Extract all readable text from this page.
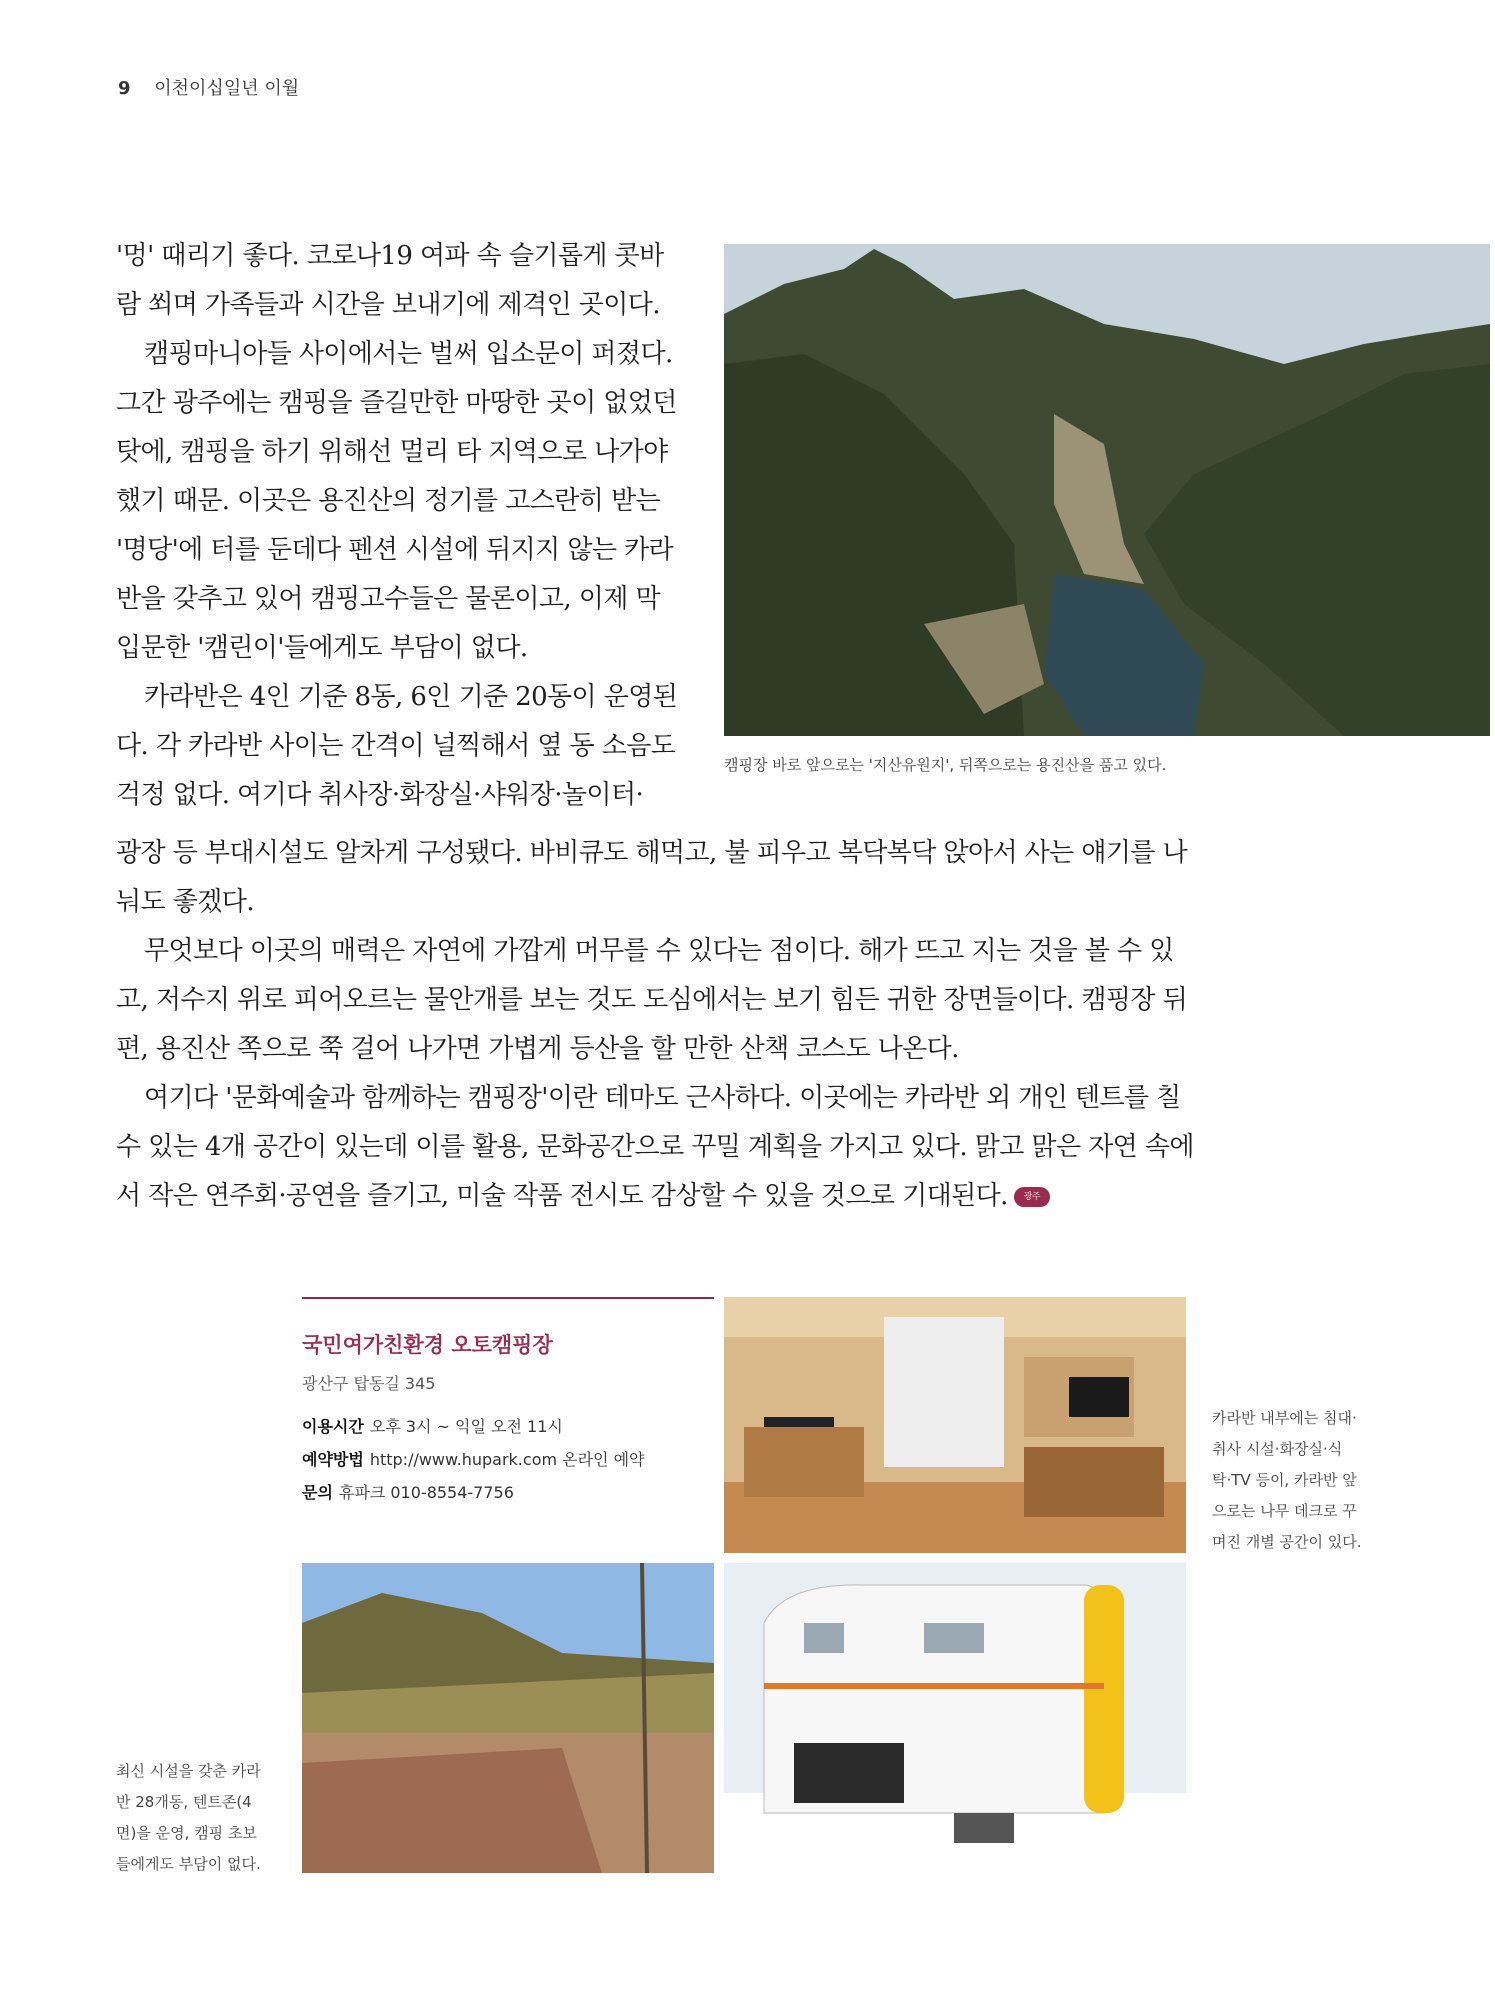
9 이천이십일년 이월

'멍' 때리기 좋다. 코로나19 여파 속 슬기롭게 콧바
람 쐬며 가족들과 시간을 보내기에 제격인 곳이다.

캠핑마니아들 사이에서는 벌써 입소문이 퍼졌다.
그간 광주에는 캠핑을 즐길만한 마땅한 곳이 없었던
탓에, 캠핑을 하기 위해선 멀리 타 지역으로 나가야
했기 때문. 이곳은 용진산의 정기를 고스란히 받는
'명당'에 터를 둔데다 펜션 시설에 뒤지지 않는 카라
반을 갖추고 있어 캠핑고수들은 물론이고, 이제 막
입문한 '캠린이'들에게도 부담이 없다.

카라반은 4인 기준 8동, 6인 기준 20동이 운영된
다. 각 카라반 사이는 간격이 널찍해서 옆 동 소음도
걱정 없다. 여기다 취사장·화장실·샤워장·놀이터·

광장 등 부대시설도 알차게 구성됐다. 바비큐도 해먹고, 불 피우고 복닥복닥 앉아서 사는 얘기를 나
눠도 좋겠다.

무엇보다 이곳의 매력은 자연에 가깝게 머무를 수 있다는 점이다. 해가 뜨고 지는 것을 볼 수 있
고, 저수지 위로 피어오르는 물안개를 보는 것도 도심에서는 보기 힘든 귀한 장면들이다. 캠핑장 뒤
편, 용진산 쪽으로 쭉 걸어 나가면 가볍게 등산을 할 만한 산책 코스도 나온다.

여기다 '문화예술과 함께하는 캠핑장'이란 테마도 근사하다. 이곳에는 카라반 외 개인 텐트를 칠
수 있는 4개 공간이 있는데 이를 활용, 문화공간으로 꾸밀 계획을 가지고 있다. 맑고 맑은 자연 속에
서 작은 연주회·공연을 즐기고, 미술 작품 전시도 감상할 수 있을 것으로 기대된다. 광주

캠핑장 바로 앞으로는 '지산유원지', 뒤쪽으로는 용진산을 품고 있다.
국민여가친환경 오토캠핑장
광산구 탑동길 345
이용시간 오후 3시 ~ 익일 오전 11시
예약방법 http://www.hupark.com 온라인 예약
문의 휴파크 010-8554-7756
카라반 내부에는 침대·
취사 시설·화장실·식
탁·TV 등이, 카라반 앞
으로는 나무 데크로 꾸
며진 개별 공간이 있다.
최신 시설을 갖춘 카라
반 28개동, 텐트존(4
면)을 운영, 캠핑 초보
들에게도 부담이 없다.
